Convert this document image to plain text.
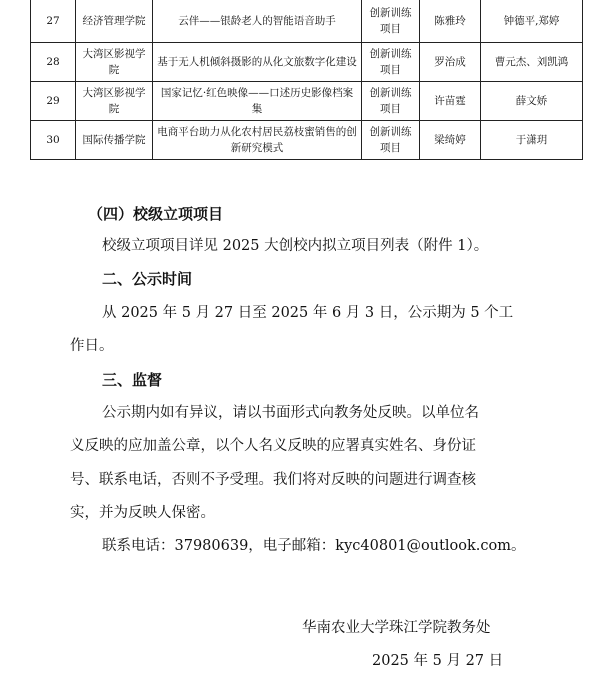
27	经济管理学院	云伴——银龄老人的智能语音助手	创新训练项目	陈雅玲	钟德平,郑婷
28	大湾区影视学院	基于无人机倾斜摄影的从化文旅数字化建设	创新训练项目	罗治成	曹元杰、刘凯鸿
29	大湾区影视学院	国家记忆·红色映像——口述历史影像档案集	创新训练项目	许苗霆	薛文娇
30	国际传播学院	电商平台助力从化农村居民荔枝蜜销售的创新研究模式	创新训练项目	梁绮婷	于潇玥
（四）校级立项项目
校级立项项目详见 2025 大创校内拟立项目列表（附件 1）。
二、公示时间
从 2025 年 5 月 27 日至 2025 年 6 月 3 日，公示期为 5 个工
作日。
三、监督
公示期内如有异议，请以书面形式向教务处反映。以单位名
义反映的应加盖公章，以个人名义反映的应署真实姓名、身份证
号、联系电话，否则不予受理。我们将对反映的问题进行调查核
实，并为反映人保密。
联系电话：37980639，电子邮箱：kyc40801@outlook.com。
华南农业大学珠江学院教务处
2025 年 5 月 27 日
